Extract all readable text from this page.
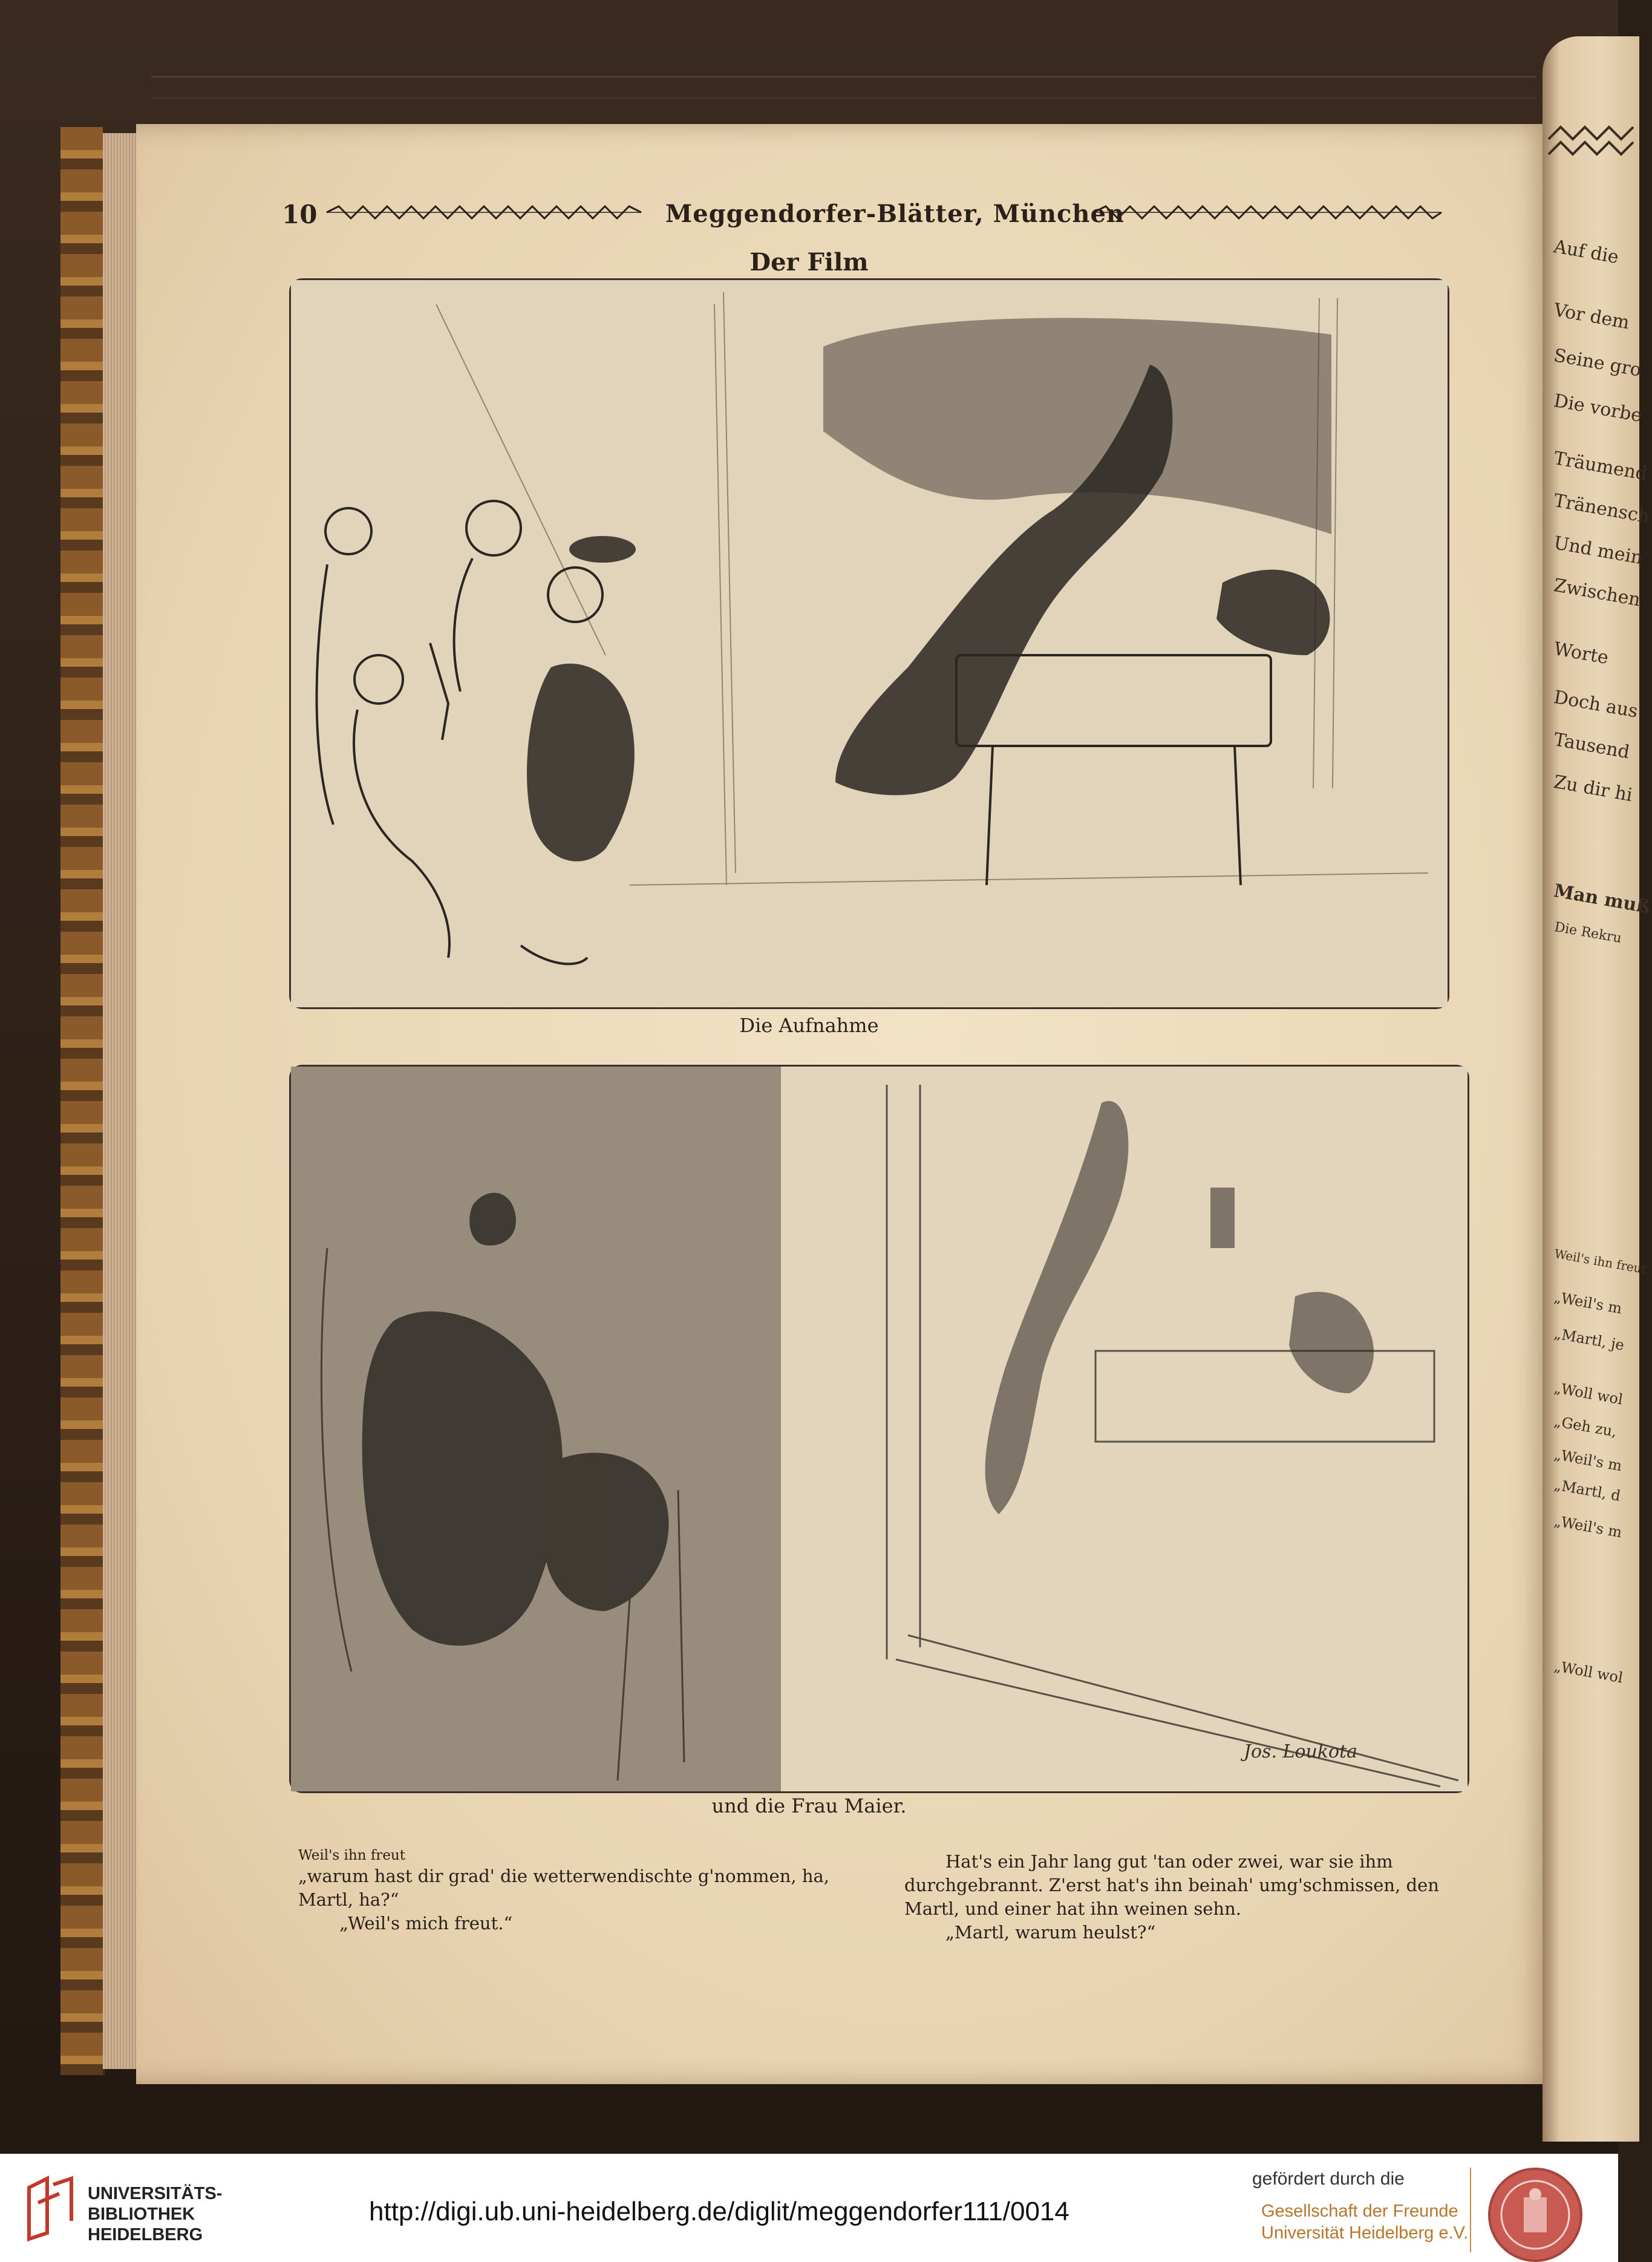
Auf die
Vor dem
Seine gro
Die vorbe
Träumend
Tränensch
Und mein
Zwischen
Worte
Doch aus
Tausend
Zu dir hi
Man muß
Die Rekru
Weil's ihn freut
„Weil's m
„Martl, je
„Woll wol
„Geh zu,
„Weil's m
„Martl, d
„Weil's m
„Woll wol
10	Meggendorfer-Blätter, München
Der Film
Die Aufnahme
Jos. Loukota
und die Frau Maier.

Weil's ihn freut

„warum hast dir grad' die wetterwendischte g'nommen, ha,

Martl, ha?“

„Weil's mich freut.“

Hat's ein Jahr lang gut 'tan oder zwei, war sie ihm

durchgebrannt. Z'erst hat's ihn beinah' umg'schmissen, den

Martl, und einer hat ihn weinen sehn.

„Martl, warum heulst?“

UNIVERSITÄTS-
BIBLIOTHEK
HEIDELBERG
http://digi.ub.uni-heidelberg.de/diglit/meggendorfer111/0014
gefördert durch die
Gesellschaft der Freunde
Universität Heidelberg e.V.
